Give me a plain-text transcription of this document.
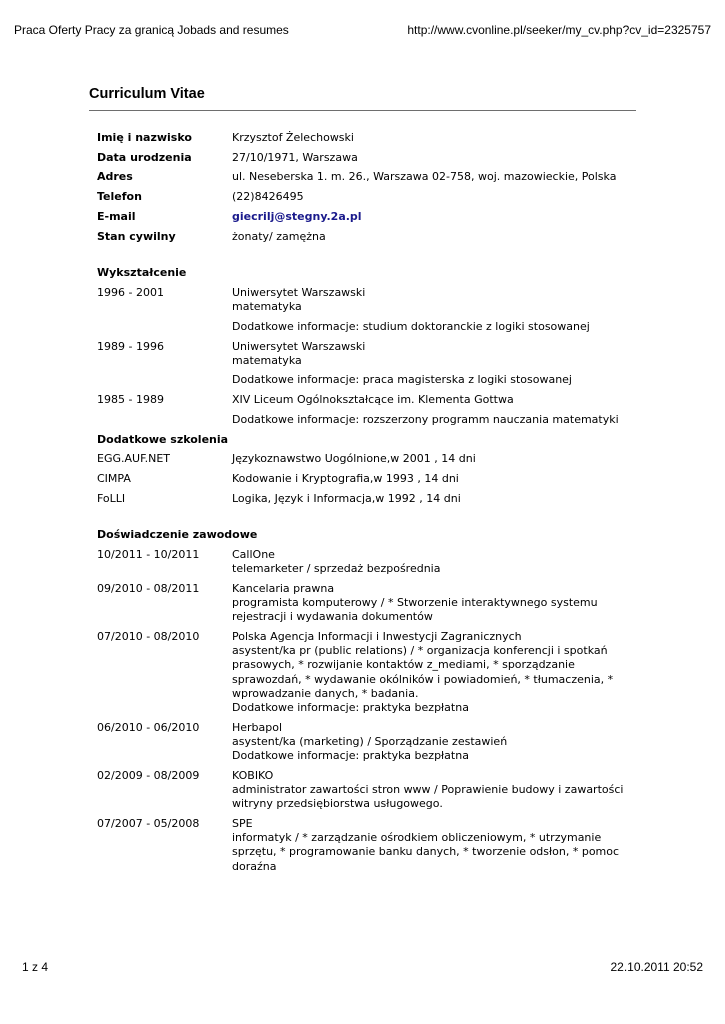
Praca Oferty Pracy za granicą Jobads and resumes	http://www.cvonline.pl/seeker/my_cv.php?cv_id=2325757
Curriculum Vitae
Imię i nazwisko	Krzysztof Żelechowski
Data urodzenia	27/10/1971, Warszawa
Adres	ul. Neseberska 1. m. 26., Warszawa 02-758, woj. mazowieckie, Polska
Telefon	(22)8426495
E-mail	giecrilj@stegny.2a.pl
Stan cywilny	żonaty/ zamężna
Wykształcenie
1996 - 2001	Uniwersytet Warszawski
matematyka
Dodatkowe informacje: studium doktoranckie z logiki stosowanej
1989 - 1996	Uniwersytet Warszawski
matematyka
Dodatkowe informacje: praca magisterska z logiki stosowanej
1985 - 1989	XIV Liceum Ogólnokształcące im. Klementa Gottwa
Dodatkowe informacje: rozszerzony programm nauczania matematyki
Dodatkowe szkolenia
EGG.AUF.NET	Językoznawstwo Uogólnione,w 2001 , 14 dni
CIMPA	Kodowanie i Kryptografia,w 1993 , 14 dni
FoLLI	Logika, Język i Informacja,w 1992 , 14 dni
Doświadczenie zawodowe
10/2011 - 10/2011	CallOne
telemarketer / sprzedaż bezpośrednia
09/2010 - 08/2011	Kancelaria prawna
programista komputerowy / * Stworzenie interaktywnego systemu
rejestracji i wydawania dokumentów
07/2010 - 08/2010	Polska Agencja Informacji i Inwestycji Zagranicznych
asystent/ka pr (public relations) / * organizacja konferencji i spotkań
prasowych, * rozwijanie kontaktów z_mediami, * sporządzanie
sprawozdań, * wydawanie okólników i powiadomień, * tłumaczenia, *
wprowadzanie danych, * badania.
Dodatkowe informacje: praktyka bezpłatna
06/2010 - 06/2010	Herbapol
asystent/ka (marketing) / Sporządzanie zestawień
Dodatkowe informacje: praktyka bezpłatna
02/2009 - 08/2009	KOBIKO
administrator zawartości stron www / Poprawienie budowy i zawartości
witryny przedsiębiorstwa usługowego.
07/2007 - 05/2008	SPE
informatyk / * zarządzanie ośrodkiem obliczeniowym, * utrzymanie
sprzętu, * programowanie banku danych, * tworzenie odsłon, * pomoc
doraźna
1 z 4	22.10.2011 20:52
